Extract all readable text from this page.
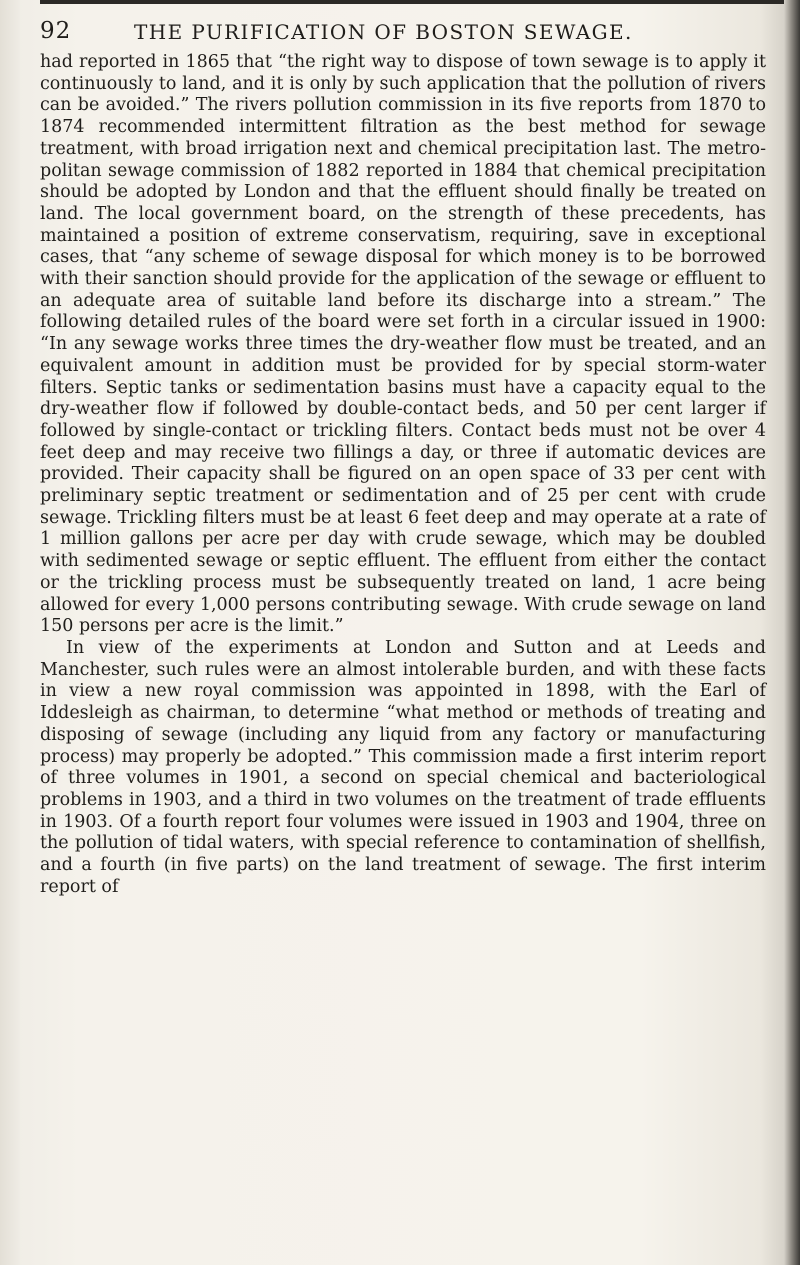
92	THE PURIFICATION OF BOSTON SEWAGE.

had reported in 1865 that “the right way to dispose of town sewage is to apply it continuously to land, and it is only by such application that the pollution of rivers can be avoided.” The rivers pollution commission in its five reports from 1870 to 1874 recommended intermittent filtration as the best method for sewage treatment, with broad irrigation next and chemical precipitation last. The metropolitan sewage commission of 1882 reported in 1884 that chemical precipitation should be adopted by London and that the effluent should finally be treated on land. The local government board, on the strength of these precedents, has maintained a position of extreme conservatism, requiring, save in exceptional cases, that “any scheme of sewage disposal for which money is to be borrowed with their sanction should provide for the application of the sewage or effluent to an adequate area of suitable land before its discharge into a stream.” The following detailed rules of the board were set forth in a circular issued in 1900: “In any sewage works three times the dry-weather flow must be treated, and an equivalent amount in addition must be provided for by special storm-water filters. Septic tanks or sedimentation basins must have a capacity equal to the dry-weather flow if followed by double-contact beds, and 50 per cent larger if followed by single-contact or trickling filters. Contact beds must not be over 4 feet deep and may receive two fillings a day, or three if automatic devices are provided. Their capacity shall be figured on an open space of 33 per cent with preliminary septic treatment or sedimentation and of 25 per cent with crude sewage. Trickling filters must be at least 6 feet deep and may operate at a rate of 1 million gallons per acre per day with crude sewage, which may be doubled with sedimented sewage or septic effluent. The effluent from either the contact or the trickling process must be subsequently treated on land, 1 acre being allowed for every 1,000 persons contributing sewage. With crude sewage on land 150 persons per acre is the limit.”

In view of the experiments at London and Sutton and at Leeds and Manchester, such rules were an almost intolerable burden, and with these facts in view a new royal commission was appointed in 1898, with the Earl of Iddesleigh as chairman, to determine “what method or methods of treating and disposing of sewage (including any liquid from any factory or manufacturing process) may properly be adopted.” This commission made a first interim report of three volumes in 1901, a second on special chemical and bacteriological problems in 1903, and a third in two volumes on the treatment of trade effluents in 1903. Of a fourth report four volumes were issued in 1903 and 1904, three on the pollution of tidal waters, with special reference to contamination of shellfish, and a fourth (in five parts) on the land treatment of sewage. The first interim report of
